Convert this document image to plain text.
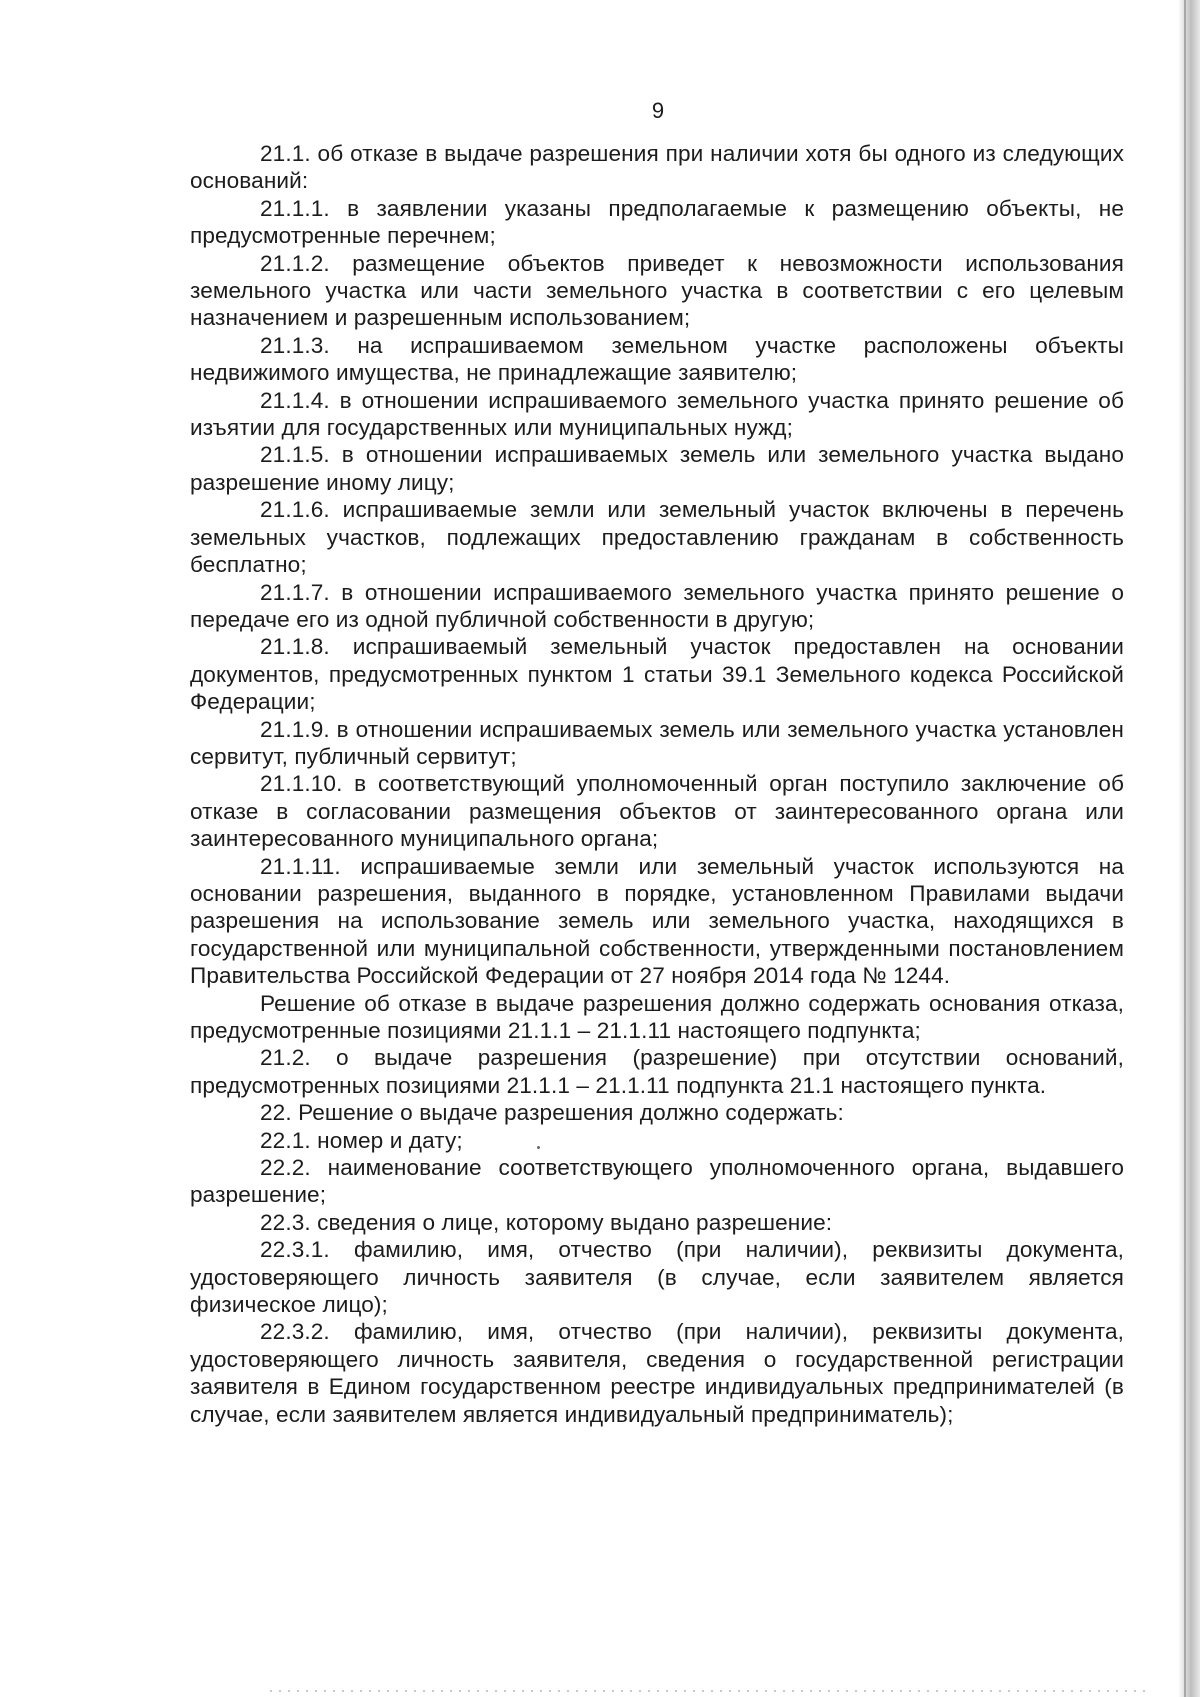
9

21.1. об отказе в выдаче разрешения при наличии хотя бы одного из следующих оснований:

21.1.1. в заявлении указаны предполагаемые к размещению объекты, не предусмотренные перечнем;

21.1.2. размещение объектов приведет к невозможности использования земельного участка или части земельного участка в соответствии с его целевым назначением и разрешенным использованием;

21.1.3. на испрашиваемом земельном участке расположены объекты недвижимого имущества, не принадлежащие заявителю;

21.1.4. в отношении испрашиваемого земельного участка принято решение об изъятии для государственных или муниципальных нужд;

21.1.5. в отношении испрашиваемых земель или земельного участка выдано разрешение иному лицу;

21.1.6. испрашиваемые земли или земельный участок включены в перечень земельных участков, подлежащих предоставлению гражданам в собственность бесплатно;

21.1.7. в отношении испрашиваемого земельного участка принято решение о передаче его из одной публичной собственности в другую;

21.1.8. испрашиваемый земельный участок предоставлен на основании документов, предусмотренных пунктом 1 статьи 39.1 Земельного кодекса Российской Федерации;

21.1.9. в отношении испрашиваемых земель или земельного участка установлен сервитут, публичный сервитут;

21.1.10. в соответствующий уполномоченный орган поступило заключение об отказе в согласовании размещения объектов от заинтересованного органа или заинтересованного муниципального органа;

21.1.11. испрашиваемые земли или земельный участок используются на основании разрешения, выданного в порядке, установленном Правилами выдачи разрешения на использование земель или земельного участка, находящихся в государственной или муниципальной собственности, утвержденными постановлением Правительства Российской Федерации от 27 ноября 2014 года № 1244.

Решение об отказе в выдаче разрешения должно содержать основания отказа, предусмотренные позициями 21.1.1 – 21.1.11 настоящего подпункта;

21.2. о выдаче разрешения (разрешение) при отсутствии оснований, предусмотренных позициями 21.1.1 – 21.1.11 подпункта 21.1 настоящего пункта.

22. Решение о выдаче разрешения должно содержать:

22.1. номер и дату;

22.2. наименование соответствующего уполномоченного органа, выдавшего разрешение;

22.3. сведения о лице, которому выдано разрешение:

22.3.1. фамилию, имя, отчество (при наличии), реквизиты документа, удостоверяющего личность заявителя (в случае, если заявителем является физическое лицо);

22.3.2. фамилию, имя, отчество (при наличии), реквизиты документа, удостоверяющего личность заявителя, сведения о государственной регистрации заявителя в Едином государственном реестре индивидуальных предпринимателей (в случае, если заявителем является индивидуальный предприниматель);
